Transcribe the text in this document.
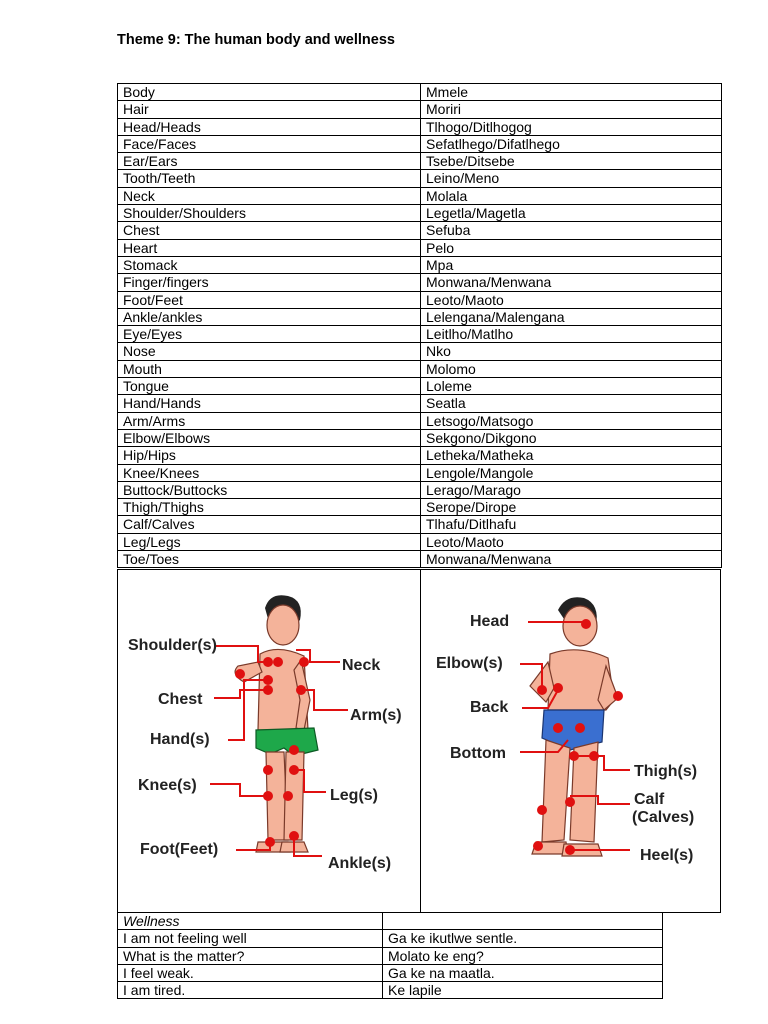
Theme 9: The human body and wellness
Body	Mmele
Hair	Moriri
Head/Heads	Tlhogo/Ditlhogog
Face/Faces	Sefatlhego/Difatlhego
Ear/Ears	Tsebe/Ditsebe
Tooth/Teeth	Leino/Meno
Neck	Molala
Shoulder/Shoulders	Legetla/Magetla
Chest	Sefuba
Heart	Pelo
Stomack	Mpa
Finger/fingers	Monwana/Menwana
Foot/Feet	Leoto/Maoto
Ankle/ankles	Lelengana/Malengana
Eye/Eyes	Leitlho/Matlho
Nose	Nko
Mouth	Molomo
Tongue	Loleme
Hand/Hands	Seatla
Arm/Arms	Letsogo/Matsogo
Elbow/Elbows	Sekgono/Dikgono
Hip/Hips	Letheka/Matheka
Knee/Knees	Lengole/Mangole
Buttock/Buttocks	Lerago/Marago
Thigh/Thighs	Serope/Dirope
Calf/Calves	Tlhafu/Ditlhafu
Leg/Legs	Leoto/Maoto
Toe/Toes	Monwana/Menwana
Shoulder(s)
Neck
Chest
Arm(s)
Hand(s)
Knee(s)
Leg(s)
Foot(Feet)
Ankle(s)
Head
Elbow(s)
Back
Bottom
Thigh(s)
Calf
(Calves)
Heel(s)
Wellness	
I am not feeling well	Ga ke ikutlwe sentle.
What is the matter?	Molato ke eng?
I feel weak.	Ga ke na maatla.
I am tired.	Ke lapile
